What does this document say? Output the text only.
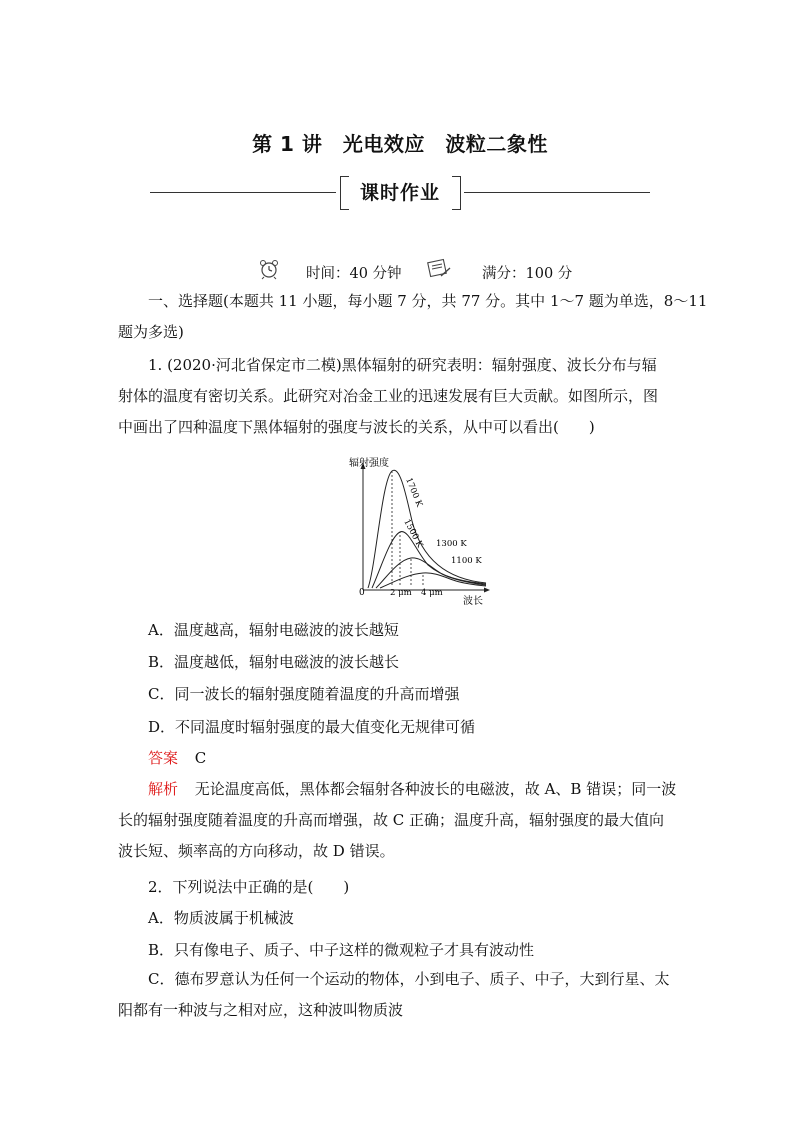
第 1 讲　光电效应　波粒二象性
课时作业
时间：40 分钟	满分：100 分
一、选择题(本题共 11 小题，每小题 7 分，共 77 分。其中 1～7 题为单选，8～11
题为多选)
1. (2020·河北省保定市二模)黑体辐射的研究表明：辐射强度、波长分布与辐
射体的温度有密切关系。此研究对冶金工业的迅速发展有巨大贡献。如图所示，图
中画出了四种温度下黑体辐射的强度与波长的关系，从中可以看出(　　)
辐射强度
波长
0	2 μm 4 μm
1700 K
1500 K 1300 K
1100 K
A．温度越高，辐射电磁波的波长越短
B．温度越低，辐射电磁波的波长越长
C．同一波长的辐射强度随着温度的升高而增强
D．不同温度时辐射强度的最大值变化无规律可循
答案 C
解析 无论温度高低，黑体都会辐射各种波长的电磁波，故 A、B 错误；同一波
长的辐射强度随着温度的升高而增强，故 C 正确；温度升高，辐射强度的最大值向
波长短、频率高的方向移动，故 D 错误。
2．下列说法中正确的是(　　)
A．物质波属于机械波
B．只有像电子、质子、中子这样的微观粒子才具有波动性
C．德布罗意认为任何一个运动的物体，小到电子、质子、中子，大到行星、太
阳都有一种波与之相对应，这种波叫物质波
